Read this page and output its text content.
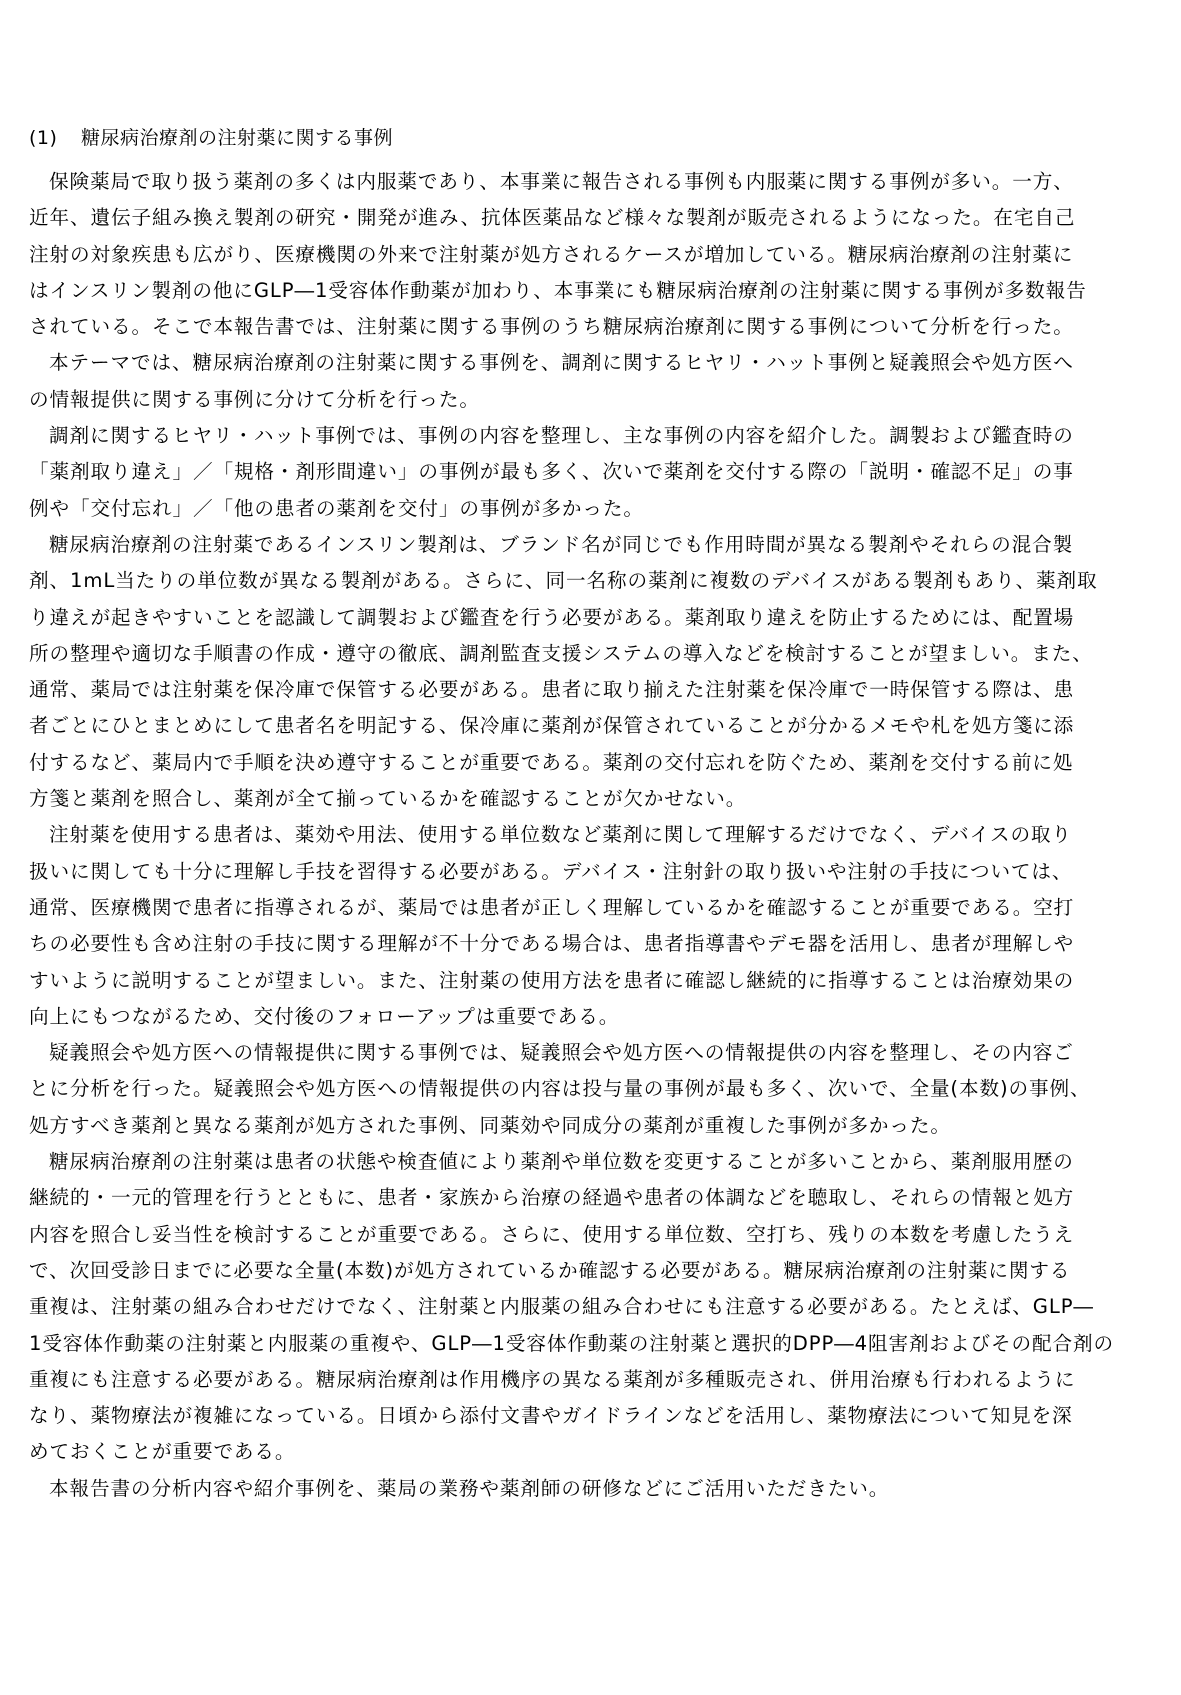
(1) 糖尿病治療剤の注射薬に関する事例
保険薬局で取り扱う薬剤の多くは内服薬であり、本事業に報告される事例も内服薬に関する事例が多い。一方、
近年、遺伝子組み換え製剤の研究・開発が進み、抗体医薬品など様々な製剤が販売されるようになった。在宅自己
注射の対象疾患も広がり、医療機関の外来で注射薬が処方されるケースが増加している。糖尿病治療剤の注射薬に
はインスリン製剤の他にGLP―1受容体作動薬が加わり、本事業にも糖尿病治療剤の注射薬に関する事例が多数報告
されている。そこで本報告書では、注射薬に関する事例のうち糖尿病治療剤に関する事例について分析を行った。
本テーマでは、糖尿病治療剤の注射薬に関する事例を、調剤に関するヒヤリ・ハット事例と疑義照会や処方医へ
の情報提供に関する事例に分けて分析を行った。
調剤に関するヒヤリ・ハット事例では、事例の内容を整理し、主な事例の内容を紹介した。調製および鑑査時の
「薬剤取り違え」／「規格・剤形間違い」の事例が最も多く、次いで薬剤を交付する際の「説明・確認不足」の事
例や「交付忘れ」／「他の患者の薬剤を交付」の事例が多かった。
糖尿病治療剤の注射薬であるインスリン製剤は、ブランド名が同じでも作用時間が異なる製剤やそれらの混合製
剤、1mL当たりの単位数が異なる製剤がある。さらに、同一名称の薬剤に複数のデバイスがある製剤もあり、薬剤取
り違えが起きやすいことを認識して調製および鑑査を行う必要がある。薬剤取り違えを防止するためには、配置場
所の整理や適切な手順書の作成・遵守の徹底、調剤監査支援システムの導入などを検討することが望ましい。また、
通常、薬局では注射薬を保冷庫で保管する必要がある。患者に取り揃えた注射薬を保冷庫で一時保管する際は、患
者ごとにひとまとめにして患者名を明記する、保冷庫に薬剤が保管されていることが分かるメモや札を処方箋に添
付するなど、薬局内で手順を決め遵守することが重要である。薬剤の交付忘れを防ぐため、薬剤を交付する前に処
方箋と薬剤を照合し、薬剤が全て揃っているかを確認することが欠かせない。
注射薬を使用する患者は、薬効や用法、使用する単位数など薬剤に関して理解するだけでなく、デバイスの取り
扱いに関しても十分に理解し手技を習得する必要がある。デバイス・注射針の取り扱いや注射の手技については、
通常、医療機関で患者に指導されるが、薬局では患者が正しく理解しているかを確認することが重要である。空打
ちの必要性も含め注射の手技に関する理解が不十分である場合は、患者指導書やデモ器を活用し、患者が理解しや
すいように説明することが望ましい。また、注射薬の使用方法を患者に確認し継続的に指導することは治療効果の
向上にもつながるため、交付後のフォローアップは重要である。
疑義照会や処方医への情報提供に関する事例では、疑義照会や処方医への情報提供の内容を整理し、その内容ご
とに分析を行った。疑義照会や処方医への情報提供の内容は投与量の事例が最も多く、次いで、全量(本数)の事例、
処方すべき薬剤と異なる薬剤が処方された事例、同薬効や同成分の薬剤が重複した事例が多かった。
糖尿病治療剤の注射薬は患者の状態や検査値により薬剤や単位数を変更することが多いことから、薬剤服用歴の
継続的・一元的管理を行うとともに、患者・家族から治療の経過や患者の体調などを聴取し、それらの情報と処方
内容を照合し妥当性を検討することが重要である。さらに、使用する単位数、空打ち、残りの本数を考慮したうえ
で、次回受診日までに必要な全量(本数)が処方されているか確認する必要がある。糖尿病治療剤の注射薬に関する
重複は、注射薬の組み合わせだけでなく、注射薬と内服薬の組み合わせにも注意する必要がある。たとえば、GLP―
1受容体作動薬の注射薬と内服薬の重複や、GLP―1受容体作動薬の注射薬と選択的DPP―4阻害剤およびその配合剤の
重複にも注意する必要がある。糖尿病治療剤は作用機序の異なる薬剤が多種販売され、併用治療も行われるように
なり、薬物療法が複雑になっている。日頃から添付文書やガイドラインなどを活用し、薬物療法について知見を深
めておくことが重要である。
本報告書の分析内容や紹介事例を、薬局の業務や薬剤師の研修などにご活用いただきたい。
